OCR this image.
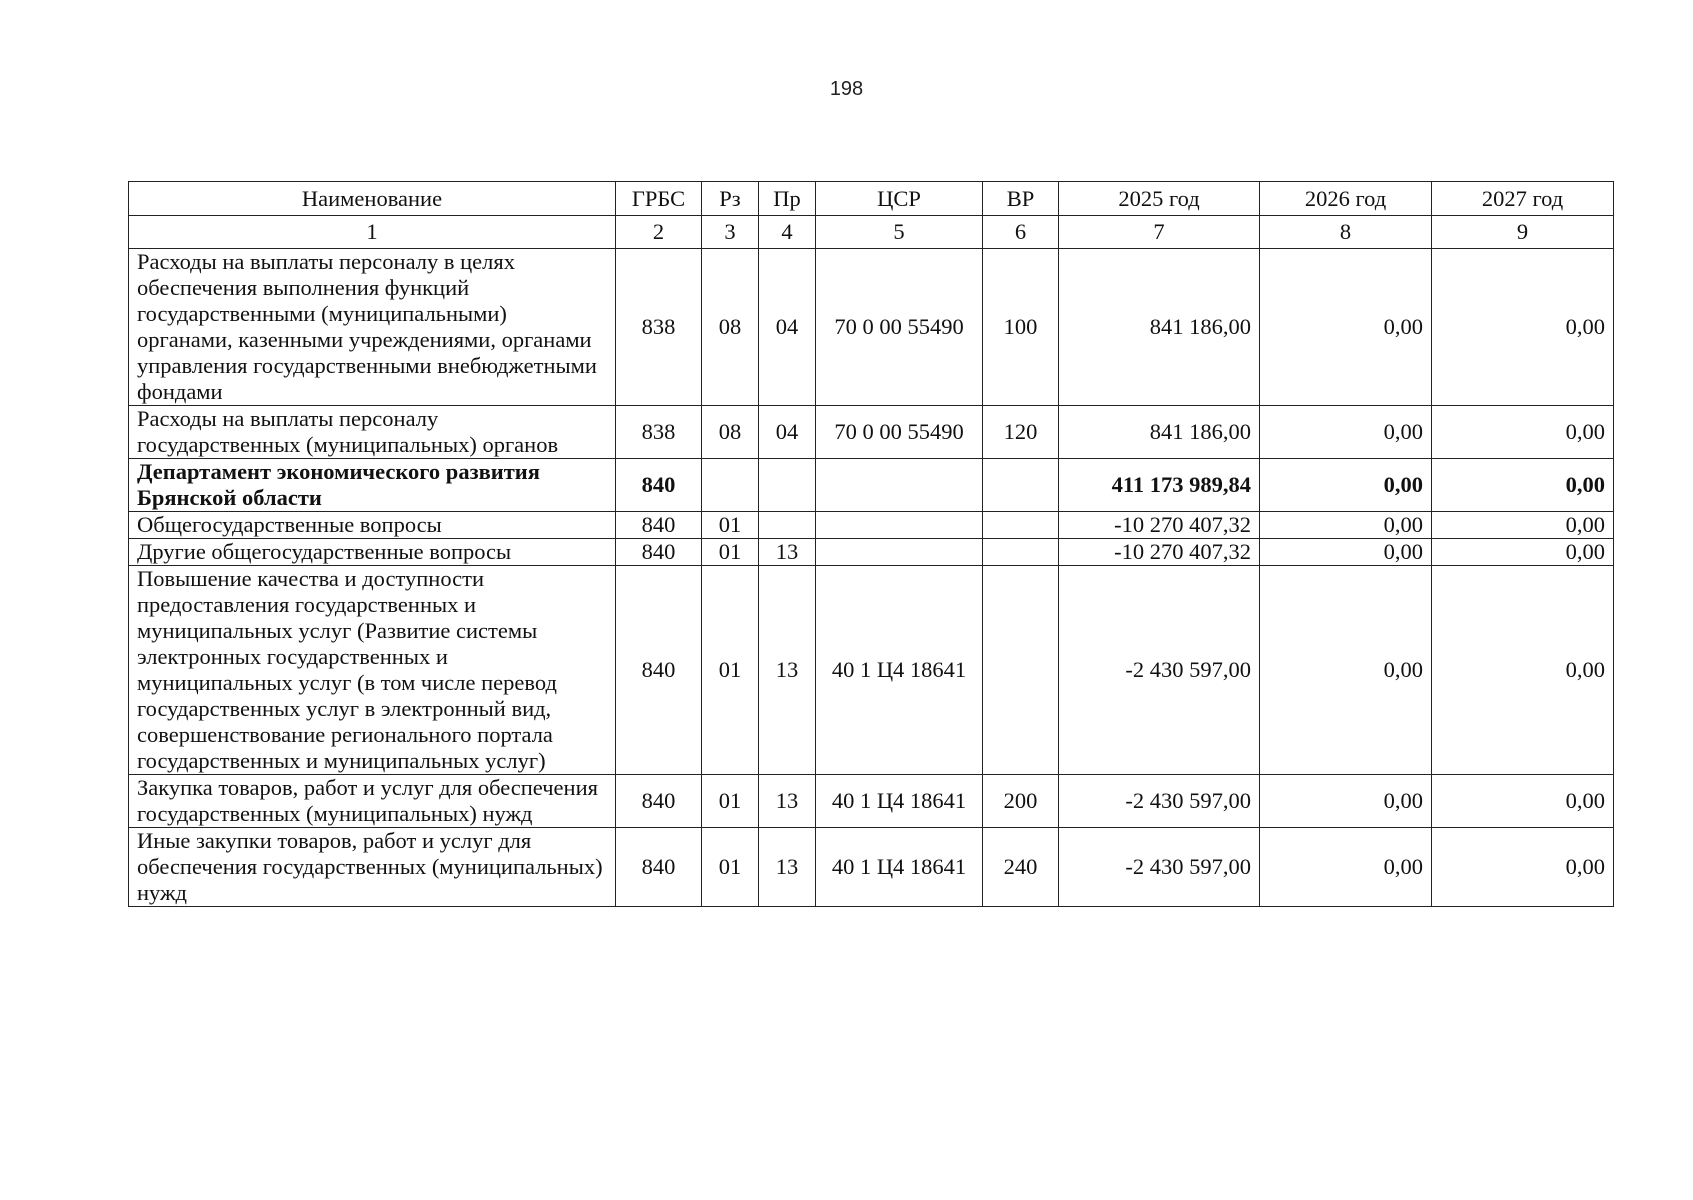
198
Наименование	ГРБС	Рз	Пр	ЦСР	ВР	2025 год	2026 год	2027 год
1	2	3	4	5	6	7	8	9
Расходы на выплаты персоналу в целях обеспечения выполнения функций государственными (муниципальными) органами, казенными учреждениями, органами управления государственными внебюджетными фондами	838	08	04	70 0 00 55490	100	841 186,00	0,00	0,00
Расходы на выплаты персоналу государственных (муниципальных) органов	838	08	04	70 0 00 55490	120	841 186,00	0,00	0,00
Департамент экономического развития Брянской области	840					411 173 989,84	0,00	0,00
Общегосударственные вопросы	840	01				-10 270 407,32	0,00	0,00
Другие общегосударственные вопросы	840	01	13			-10 270 407,32	0,00	0,00
Повышение качества и доступности предоставления государственных и муниципальных услуг (Развитие системы электронных государственных и муниципальных услуг (в том числе перевод государственных услуг в электронный вид, совершенствование регионального портала государственных и муниципальных услуг)	840	01	13	40 1 Ц4 18641		-2 430 597,00	0,00	0,00
Закупка товаров, работ и услуг для обеспечения государственных (муниципальных) нужд	840	01	13	40 1 Ц4 18641	200	-2 430 597,00	0,00	0,00
Иные закупки товаров, работ и услуг для обеспечения государственных (муниципальных) нужд	840	01	13	40 1 Ц4 18641	240	-2 430 597,00	0,00	0,00
